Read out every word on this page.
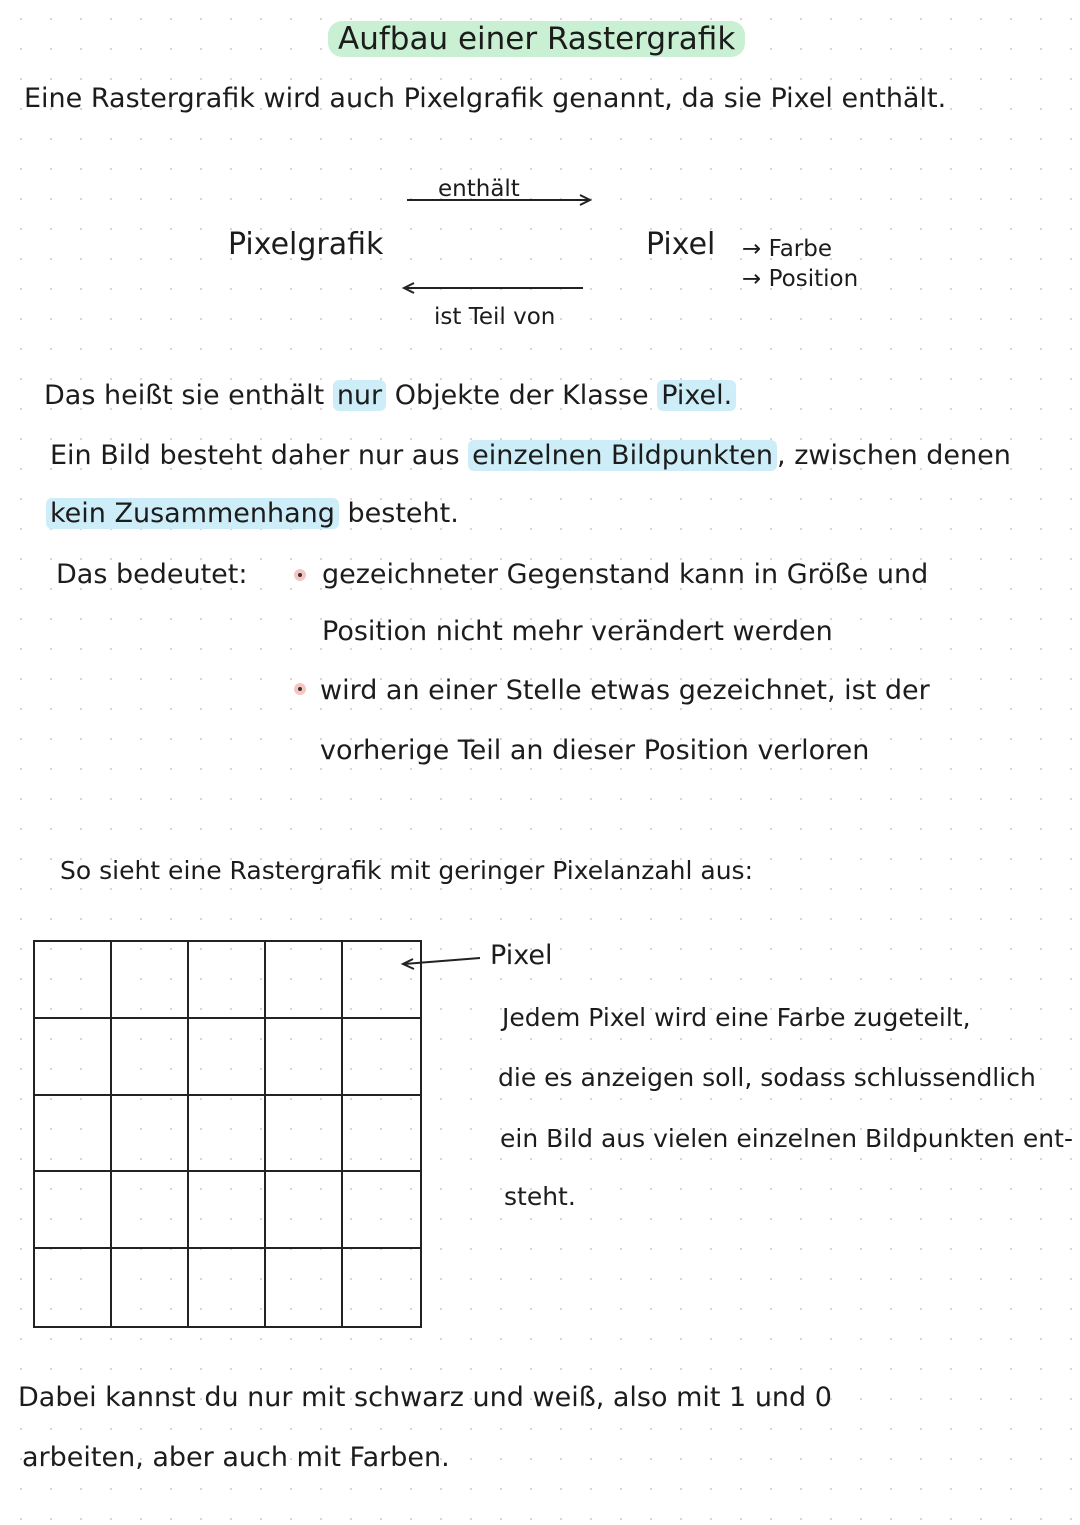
Aufbau einer Rastergrafik
Eine Rastergrafik wird auch Pixelgrafik genannt, da sie Pixel enthält.
Pixelgrafik
enthält
ist Teil von
Pixel → Farbe
→ Position
Das heißt sie enthält nur Objekte der Klasse Pixel.
Ein Bild besteht daher nur aus einzelnen Bildpunkten , zwischen denen
kein Zusammenhang besteht.
Das bedeutet:	gezeichneter Gegenstand kann in Größe und
Position nicht mehr verändert werden
wird an einer Stelle etwas gezeichnet, ist der
vorherige Teil an dieser Position verloren
So sieht eine Rastergrafik mit geringer Pixelanzahl aus:
Pixel
Jedem Pixel wird eine Farbe zugeteilt,
die es anzeigen soll, sodass schlussendlich
ein Bild aus vielen einzelnen Bildpunkten ent-
steht.
Dabei kannst du nur mit schwarz und weiß, also mit 1 und 0
arbeiten, aber auch mit Farben.
